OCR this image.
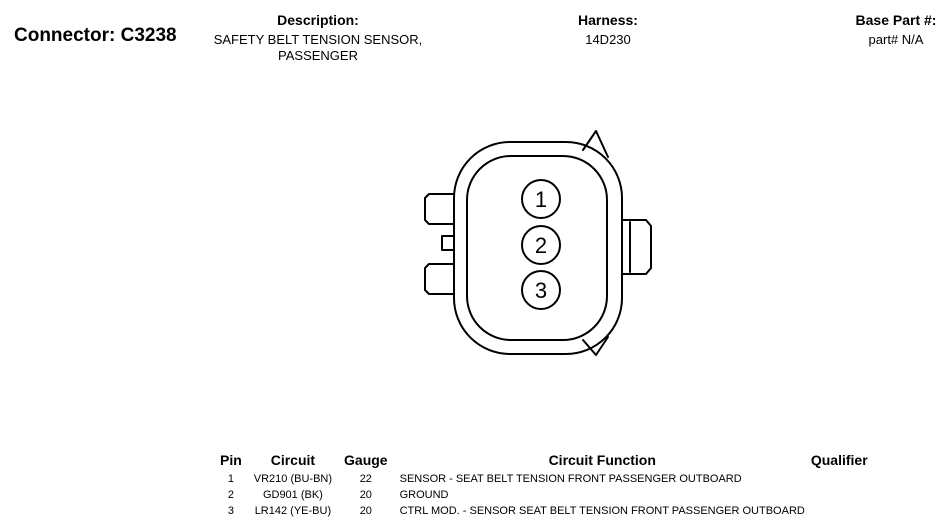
Connector: C3238
Description:
SAFETY BELT TENSION SENSOR,
PASSENGER
Harness:
14D230
Base Part #:
part# N/A
1
2
3
Pin	Circuit	Gauge	Circuit Function	Qualifier
1	VR210 (BU-BN)	22	SENSOR - SEAT BELT TENSION FRONT PASSENGER OUTBOARD	
2	GD901 (BK)	20	GROUND	
3	LR142 (YE-BU)	20	CTRL MOD. - SENSOR SEAT BELT TENSION FRONT PASSENGER OUTBOARD	
